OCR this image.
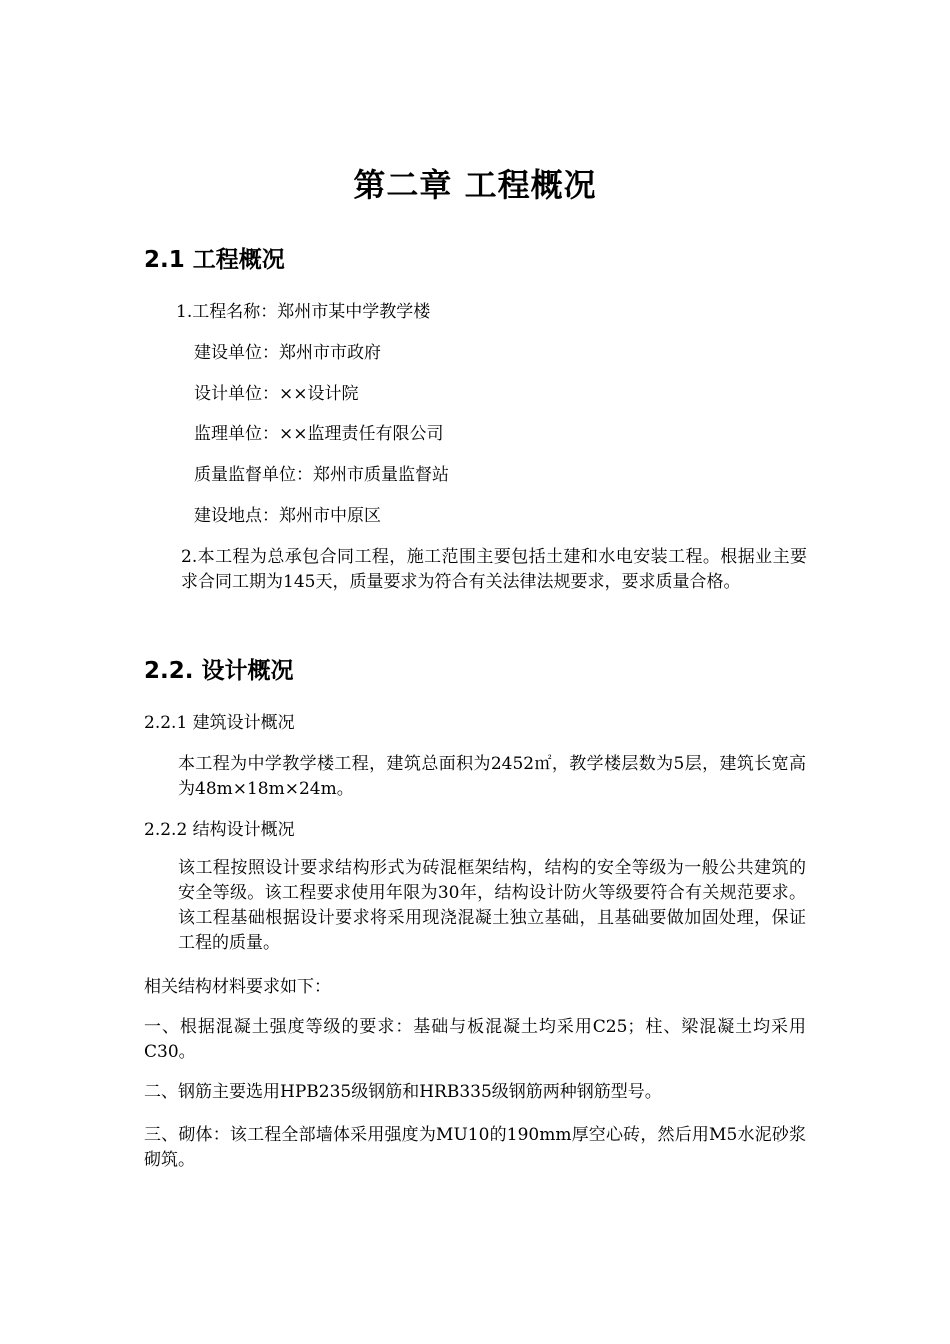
第二章 工程概况
2.1 工程概况
1.工程名称：郑州市某中学教学楼
建设单位：郑州市市政府
设计单位：××设计院
监理单位：××监理责任有限公司
质量监督单位：郑州市质量监督站
建设地点：郑州市中原区
2.本工程为总承包合同工程，施工范围主要包括土建和水电安装工程。根据业主要求合同工期为145天，质量要求为符合有关法律法规要求，要求质量合格。
2.2. 设计概况
2.2.1 建筑设计概况
本工程为中学教学楼工程，建筑总面积为2452㎡，教学楼层数为5层，建筑长宽高为48m×18m×24m。
2.2.2 结构设计概况
该工程按照设计要求结构形式为砖混框架结构，结构的安全等级为一般公共建筑的安全等级。该工程要求使用年限为30年，结构设计防火等级要符合有关规范要求。该工程基础根据设计要求将采用现浇混凝土独立基础，且基础要做加固处理，保证工程的质量。
相关结构材料要求如下：
一、根据混凝土强度等级的要求：基础与板混凝土均采用C25；柱、梁混凝土均采用C30。
二、钢筋主要选用HPB235级钢筋和HRB335级钢筋两种钢筋型号。
三、砌体：该工程全部墙体采用强度为MU10的190mm厚空心砖，然后用M5水泥砂浆砌筑。
